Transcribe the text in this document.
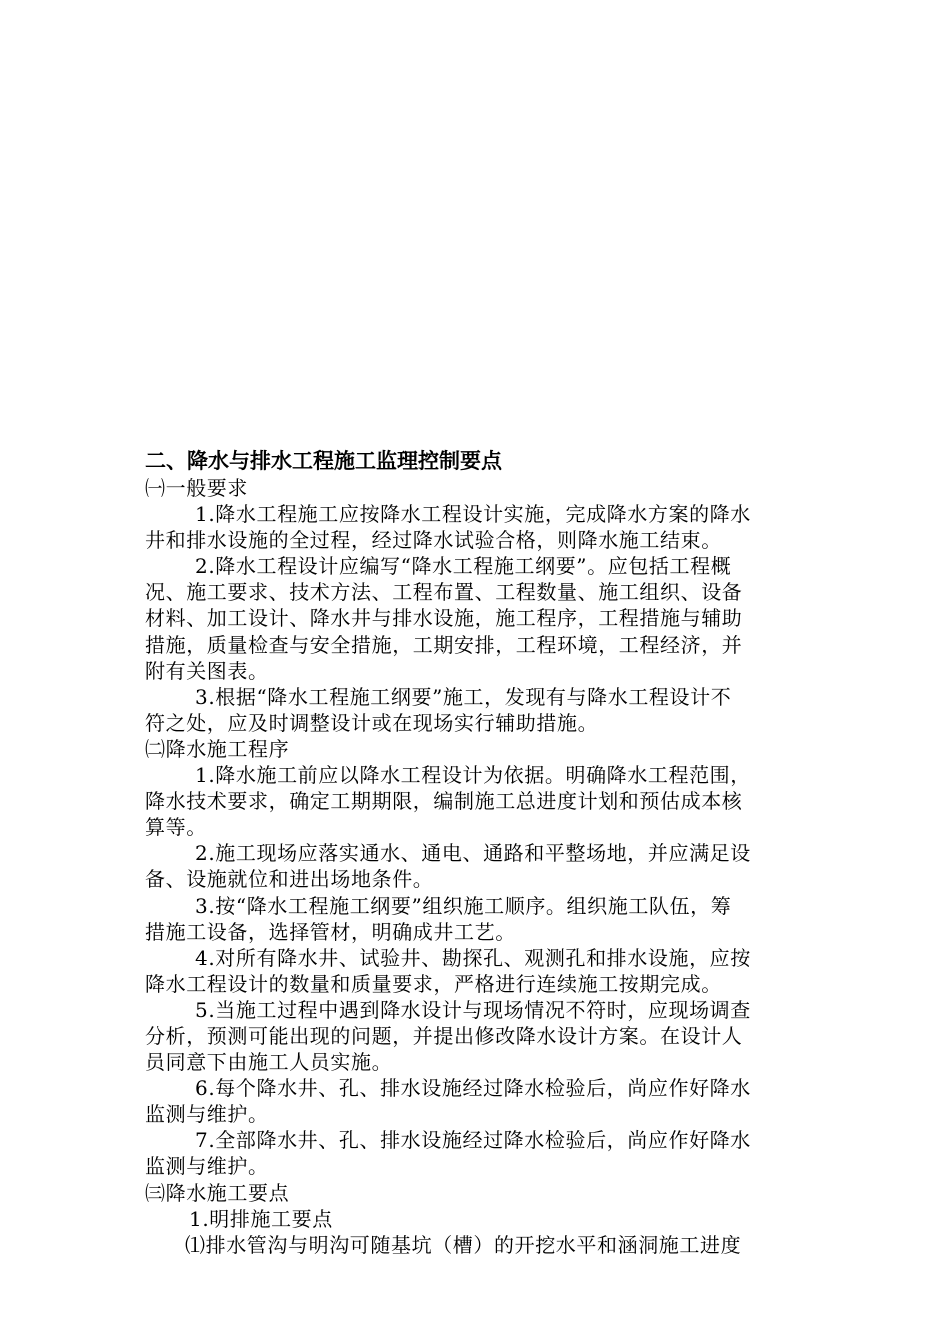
二、降水与排水工程施工监理控制要点
㈠一般要求
1.降水工程施工应按降水工程设计实施，完成降水方案的降水
井和排水设施的全过程，经过降水试验合格，则降水施工结束。
2.降水工程设计应编写“降水工程施工纲要”。应包括工程概
况、施工要求、技术方法、工程布置、工程数量、施工组织、设备
材料、加工设计、降水井与排水设施，施工程序，工程措施与辅助
措施，质量检查与安全措施，工期安排，工程环境，工程经济，并
附有关图表。
3.根据“降水工程施工纲要”施工，发现有与降水工程设计不
符之处，应及时调整设计或在现场实行辅助措施。
㈡降水施工程序
1.降水施工前应以降水工程设计为依据。明确降水工程范围，
降水技术要求，确定工期期限，编制施工总进度计划和预估成本核
算等。
2.施工现场应落实通水、通电、通路和平整场地，并应满足设
备、设施就位和进出场地条件。
3.按“降水工程施工纲要”组织施工顺序。组织施工队伍，筹
措施工设备，选择管材，明确成井工艺。
4.对所有降水井、试验井、勘探孔、观测孔和排水设施，应按
降水工程设计的数量和质量要求，严格进行连续施工按期完成。
5.当施工过程中遇到降水设计与现场情况不符时，应现场调查
分析，预测可能出现的问题，并提出修改降水设计方案。在设计人
员同意下由施工人员实施。
6.每个降水井、孔、排水设施经过降水检验后，尚应作好降水
监测与维护。
7.全部降水井、孔、排水设施经过降水检验后，尚应作好降水
监测与维护。
㈢降水施工要点
1.明排施工要点
⑴排水管沟与明沟可随基坑（槽）的开挖水平和涵洞施工进度
